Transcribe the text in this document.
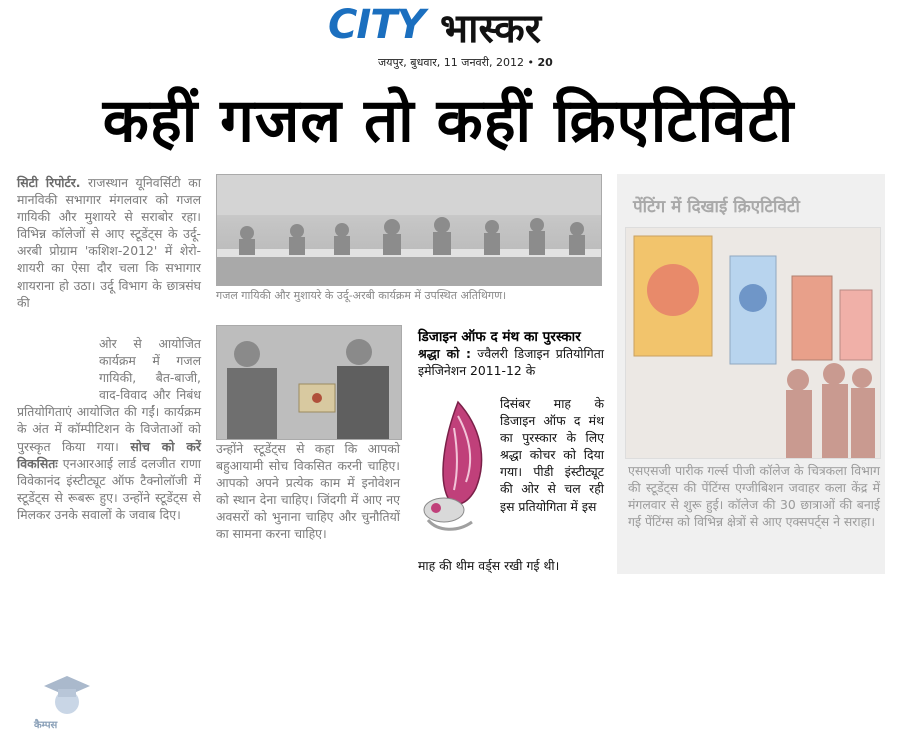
CITY भास्कर
जयपुर, बुधवार, 11 जनवरी, 2012 • 20
कहीं गजल तो कहीं क्रिएटिविटी
सिटी रिपोर्टर. राजस्थान यूनिवर्सिटी का मानविकी सभागार मंगलवार को गजल गायिकी और मुशायरे से सराबोर रहा। विभिन्न कॉलेजों से आए स्टूडेंट्स के उर्दू-अरबी प्रोग्राम 'कशिश-2012' में शेरो-शायरी का ऐसा दौर चला कि सभागार शायराना हो उठा। उर्दू विभाग के छात्रसंघ की
कैम्पस
ओर से आयोजित कार्यक्रम में गजल गायिकी, बैत-बाजी, वाद-विवाद और निबंध प्रतियोगिताएं आयोजित की गईं। कार्यक्रम के अंत में कॉम्पीटिशन के विजेताओं को पुरस्कृत किया गया। सोच को करें विकसितः एनआरआई लार्ड दलजीत राणा विवेकानंद इंस्टीट्यूट ऑफ टैक्नोलॉजी में स्टूडेंट्स से रूबरू हुए। उन्होंने स्टूडेंट्स से मिलकर उनके सवालों के जवाब दिए।
गजल गायिकी और मुशायरे के उर्दू-अरबी कार्यक्रम में उपस्थित अतिथिगण।
उन्होंने स्टूडेंट्स से कहा कि आपको बहुआयामी सोच विकसित करनी चाहिए। आपको अपने प्रत्येक काम में इनोवेशन को स्थान देना चाहिए। जिंदगी में आए नए अवसरों को भुनाना चाहिए और चुनौतियों का सामना करना चाहिए।
डिजाइन ऑफ द मंथ का पुरस्कार
श्रद्धा को : ज्वैलरी डिजाइन प्रतियोगिता इमेजिनेशन 2011-12 के
दिसंबर माह के डिजाइन ऑफ द मंथ का पुरस्कार के लिए श्रद्धा कोचर को दिया गया। पीडी इंस्टीट्यूट की ओर से चल रही इस प्रतियोगिता में इस
माह की थीम वर्ड्स रखी गई थी।
पेंटिंग में दिखाई क्रिएटिविटी
एसएसजी पारीक गर्ल्स पीजी कॉलेज के चित्रकला विभाग की स्टूडेंट्स की पेंटिंग्स एग्जीबिशन जवाहर कला केंद्र में मंगलवार से शुरू हुई। कॉलेज की 30 छात्राओं की बनाई गई पेंटिंग्स को विभिन्न क्षेत्रों से आए एक्सपर्ट्स ने सराहा।
